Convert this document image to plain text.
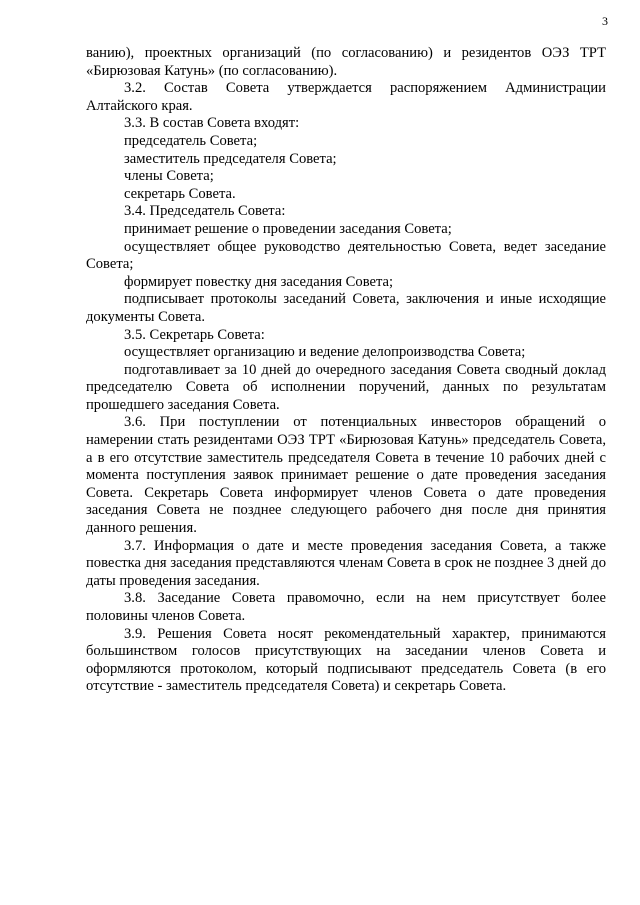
3

ванию), проектных организаций (по согласованию) и резидентов ОЭЗ ТРТ «Бирюзовая Катунь» (по согласованию).

3.2. Состав Совета утверждается распоряжением Администрации Алтайского края.

3.3. В состав Совета входят:

председатель Совета;

заместитель председателя Совета;

члены Совета;

секретарь Совета.

3.4. Председатель Совета:

принимает решение о проведении заседания Совета;

осуществляет общее руководство деятельностью Совета, ведет заседание Совета;

формирует повестку дня заседания Совета;

подписывает протоколы заседаний Совета, заключения и иные исходящие документы Совета.

3.5. Секретарь Совета:

осуществляет организацию и ведение делопроизводства Совета;

подготавливает за 10 дней до очередного заседания Совета сводный доклад председателю Совета об исполнении поручений, данных по результатам прошедшего заседания Совета.

3.6. При поступлении от потенциальных инвесторов обращений о намерении стать резидентами ОЭЗ ТРТ «Бирюзовая Катунь» председатель Совета, а в его отсутствие заместитель председателя Совета в течение 10 рабочих дней с момента поступления заявок принимает решение о дате проведения заседания Совета. Секретарь Совета информирует членов Совета о дате проведения заседания Совета не позднее следующего рабочего дня после дня принятия данного решения.

3.7. Информация о дате и месте проведения заседания Совета, а также повестка дня заседания представляются членам Совета в срок не позднее 3 дней до даты проведения заседания.

3.8. Заседание Совета правомочно, если на нем присутствует более половины членов Совета.

3.9. Решения Совета носят рекомендательный характер, принимаются большинством голосов присутствующих на заседании членов Совета и оформляются протоколом, который подписывают председатель Совета (в его отсутствие - заместитель председателя Совета) и секретарь Совета.
